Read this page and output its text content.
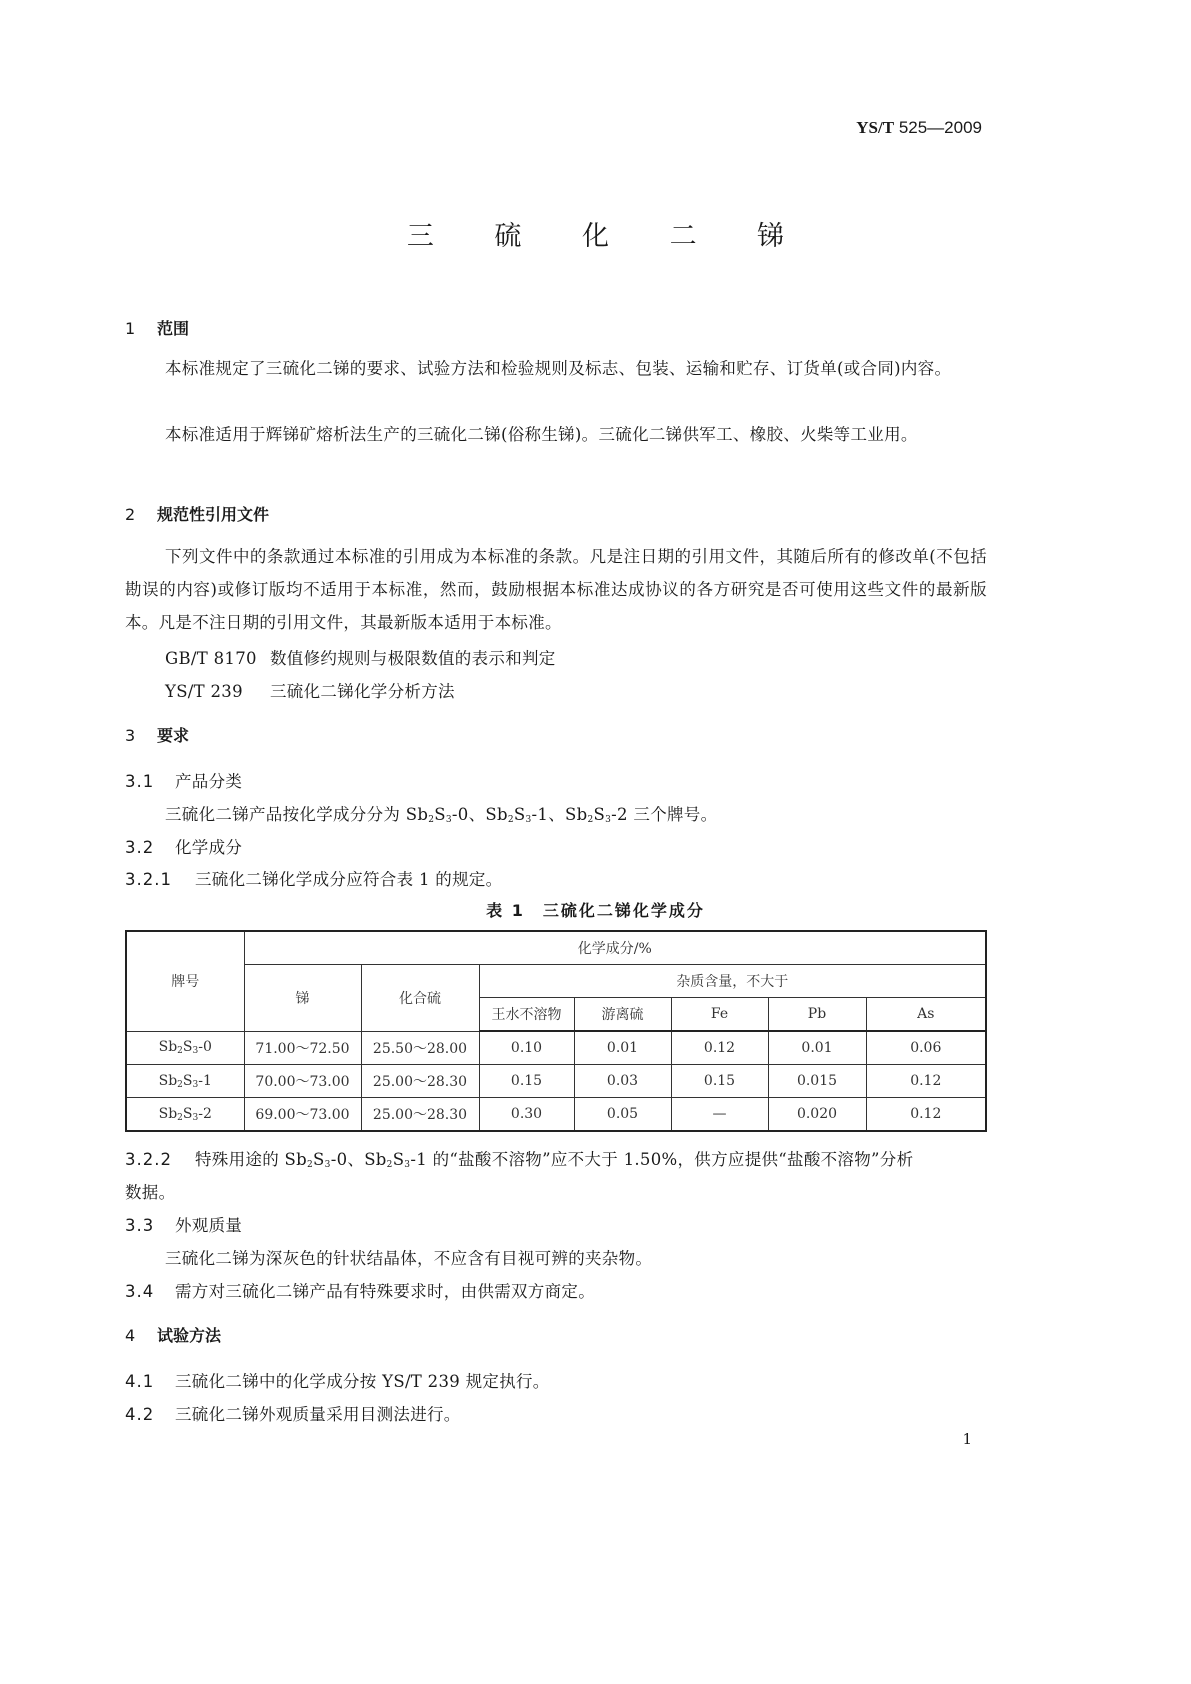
YS/T 525—2009
三 硫 化 二 锑
1 范围
本标准规定了三硫化二锑的要求、试验方法和检验规则及标志、包装、运输和贮存、订货单(或合同)内容。
本标准适用于辉锑矿熔析法生产的三硫化二锑(俗称生锑)。三硫化二锑供军工、橡胶、火柴等工业用。
2 规范性引用文件
下列文件中的条款通过本标准的引用成为本标准的条款。凡是注日期的引用文件，其随后所有的修改单(不包括勘误的内容)或修订版均不适用于本标准，然而，鼓励根据本标准达成协议的各方研究是否可使用这些文件的最新版本。凡是不注日期的引用文件，其最新版本适用于本标准。
GB/T 8170 数值修约规则与极限数值的表示和判定
YS/T 239 三硫化二锑化学分析方法
3 要求
3.1 产品分类
三硫化二锑产品按化学成分分为 $Sb_2S_3-0$、$Sb_2S_3-1$、$Sb_2S_3-2$ 三个牌号。
3.2 化学成分
3.2.1 三硫化二锑化学成分应符合表 1 的规定。
表 1　三硫化二锑化学成分
牌号	化学成分/%						
	锑	化合硫	杂质含量，不大于				
			王水不溶物	游离硫	Fe	Pb	As
$Sb_2S_3-0$	71.00～72.50	25.50～28.00	0.10	0.01	0.12	0.01	0.06
$Sb_2S_3-1$	70.00～73.00	25.00～28.30	0.15	0.03	0.15	0.015	0.12
$Sb_2S_3-2$	69.00～73.00	25.00～28.30	0.30	0.05	—	0.020	0.12
3.2.2 特殊用途的 $Sb_2S_3-0$、$Sb_2S_3-1$ 的“盐酸不溶物”应不大于 1.50%，供方应提供“盐酸不溶物”分析
数据。
3.3 外观质量
三硫化二锑为深灰色的针状结晶体，不应含有目视可辨的夹杂物。
3.4 需方对三硫化二锑产品有特殊要求时，由供需双方商定。
4 试验方法
4.1 三硫化二锑中的化学成分按 YS/T 239 规定执行。
4.2 三硫化二锑外观质量采用目测法进行。
1
